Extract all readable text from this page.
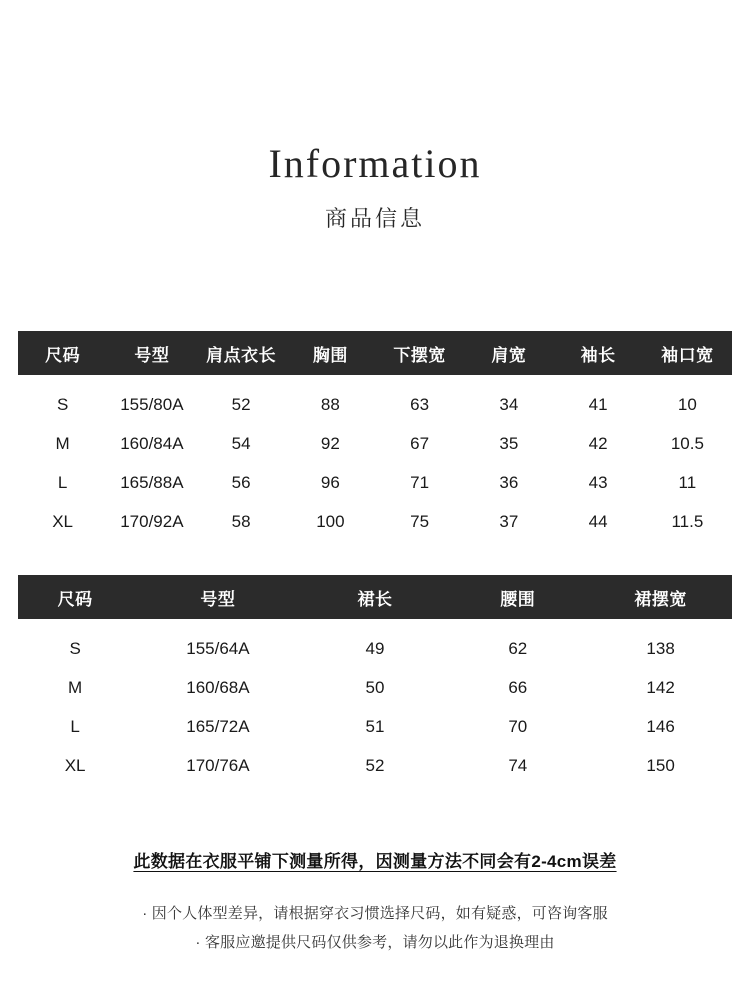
Information
商品信息
尺码	号型	肩点衣长	胸围	下摆宽	肩宽	袖长	袖口宽
S	155/80A	52	88	63	34	41	10
M	160/84A	54	92	67	35	42	10.5
L	165/88A	56	96	71	36	43	11
XL	170/92A	58	100	75	37	44	11.5
尺码	号型	裙长	腰围	裙摆宽
S	155/64A	49	62	138
M	160/68A	50	66	142
L	165/72A	51	70	146
XL	170/76A	52	74	150
此数据在衣服平铺下测量所得，因测量方法不同会有2-4cm误差
· 因个人体型差异，请根据穿衣习惯选择尺码，如有疑惑，可咨询客服
· 客服应邀提供尺码仅供参考，请勿以此作为退换理由
